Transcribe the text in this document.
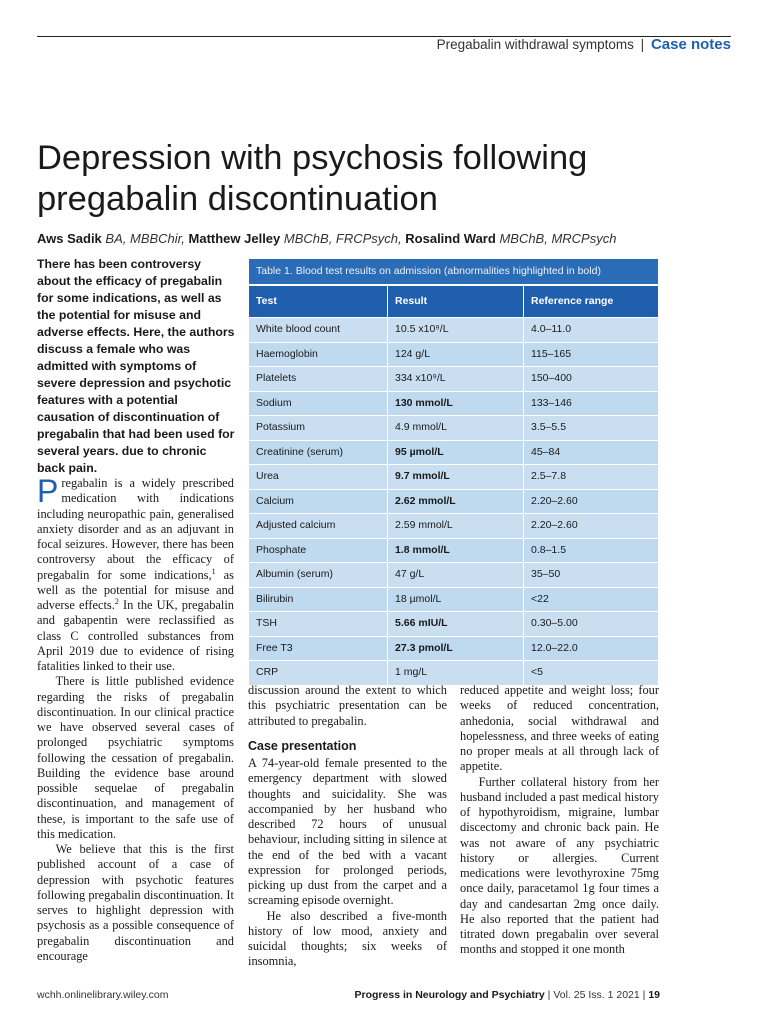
Pregabalin withdrawal symptoms | Case notes
Depression with psychosis following pregabalin discontinuation
Aws Sadik BA, MBBChir, Matthew Jelley MBChB, FRCPsych, Rosalind Ward MBChB, MRCPsych
There has been controversy about the efficacy of pregabalin for some indications, as well as the potential for misuse and adverse effects. Here, the authors discuss a female who was admitted with symptoms of severe depression and psychotic features with a potential causation of discontinuation of pregabalin that had been used for several years. due to chronic back pain.
Table 1. Blood test results on admission (abnormalities highlighted in bold)
Test	Result	Reference range
White blood count	10.5 x10⁹/L	4.0–11.0
Haemoglobin	124 g/L	115–165
Platelets	334 x10⁹/L	150–400
Sodium	130 mmol/L	133–146
Potassium	4.9 mmol/L	3.5–5.5
Creatinine (serum)	95 µmol/L	45–84
Urea	9.7 mmol/L	2.5–7.8
Calcium	2.62 mmol/L	2.20–2.60
Adjusted calcium	2.59 mmol/L	2.20–2.60
Phosphate	1.8 mmol/L	0.8–1.5
Albumin (serum)	47 g/L	35–50
Bilirubin	18 µmol/L	<22
TSH	5.66 mIU/L	0.30–5.00
Free T3	27.3 pmol/L	12.0–22.0
CRP	1 mg/L	<5

Pregabalin is a widely prescribed medication with indications including neuropathic pain, generalised anxiety disorder and as an adjuvant in focal seizures. However, there has been controversy about the efficacy of pregabalin for some indications,$^1$ as well as the potential for misuse and adverse effects.$^2$ In the UK, pregabalin and gabapentin were reclassified as class C controlled substances from April 2019 due to evidence of rising fatalities linked to their use.

There is little published evidence regarding the risks of pregabalin discontinuation. In our clinical practice we have observed several cases of prolonged psychiatric symptoms following the cessation of pregabalin. Building the evidence base around possible sequelae of pregabalin discontinuation, and management of these, is important to the safe use of this medication.

We believe that this is the first published account of a case of depression with psychotic features following pregabalin discontinuation. It serves to highlight depression with psychosis as a possible consequence of pregabalin discontinuation and encourage

discussion around the extent to which this psychiatric presentation can be attributed to pregabalin.

Case presentation

A 74-year-old female presented to the emergency department with slowed thoughts and suicidality. She was accompanied by her husband who described 72 hours of unusual behaviour, including sitting in silence at the end of the bed with a vacant expression for prolonged periods, picking up dust from the carpet and a screaming episode overnight.

He also described a five-month history of low mood, anxiety and suicidal thoughts; six weeks of insomnia,

reduced appetite and weight loss; four weeks of reduced concentration, anhedonia, social withdrawal and hopelessness, and three weeks of eating no proper meals at all through lack of appetite.

Further collateral history from her husband included a past medical history of hypothyroidism, migraine, lumbar discectomy and chronic back pain. He was not aware of any psychiatric history or allergies. Current medications were levothyroxine 75mg once daily, paracetamol 1g four times a day and candesartan 2mg once daily. He also reported that the patient had titrated down pregabalin over several months and stopped it one month

wchh.onlinelibrary.wiley.com	Progress in Neurology and Psychiatry | Vol. 25 Iss. 1 2021 | 19
